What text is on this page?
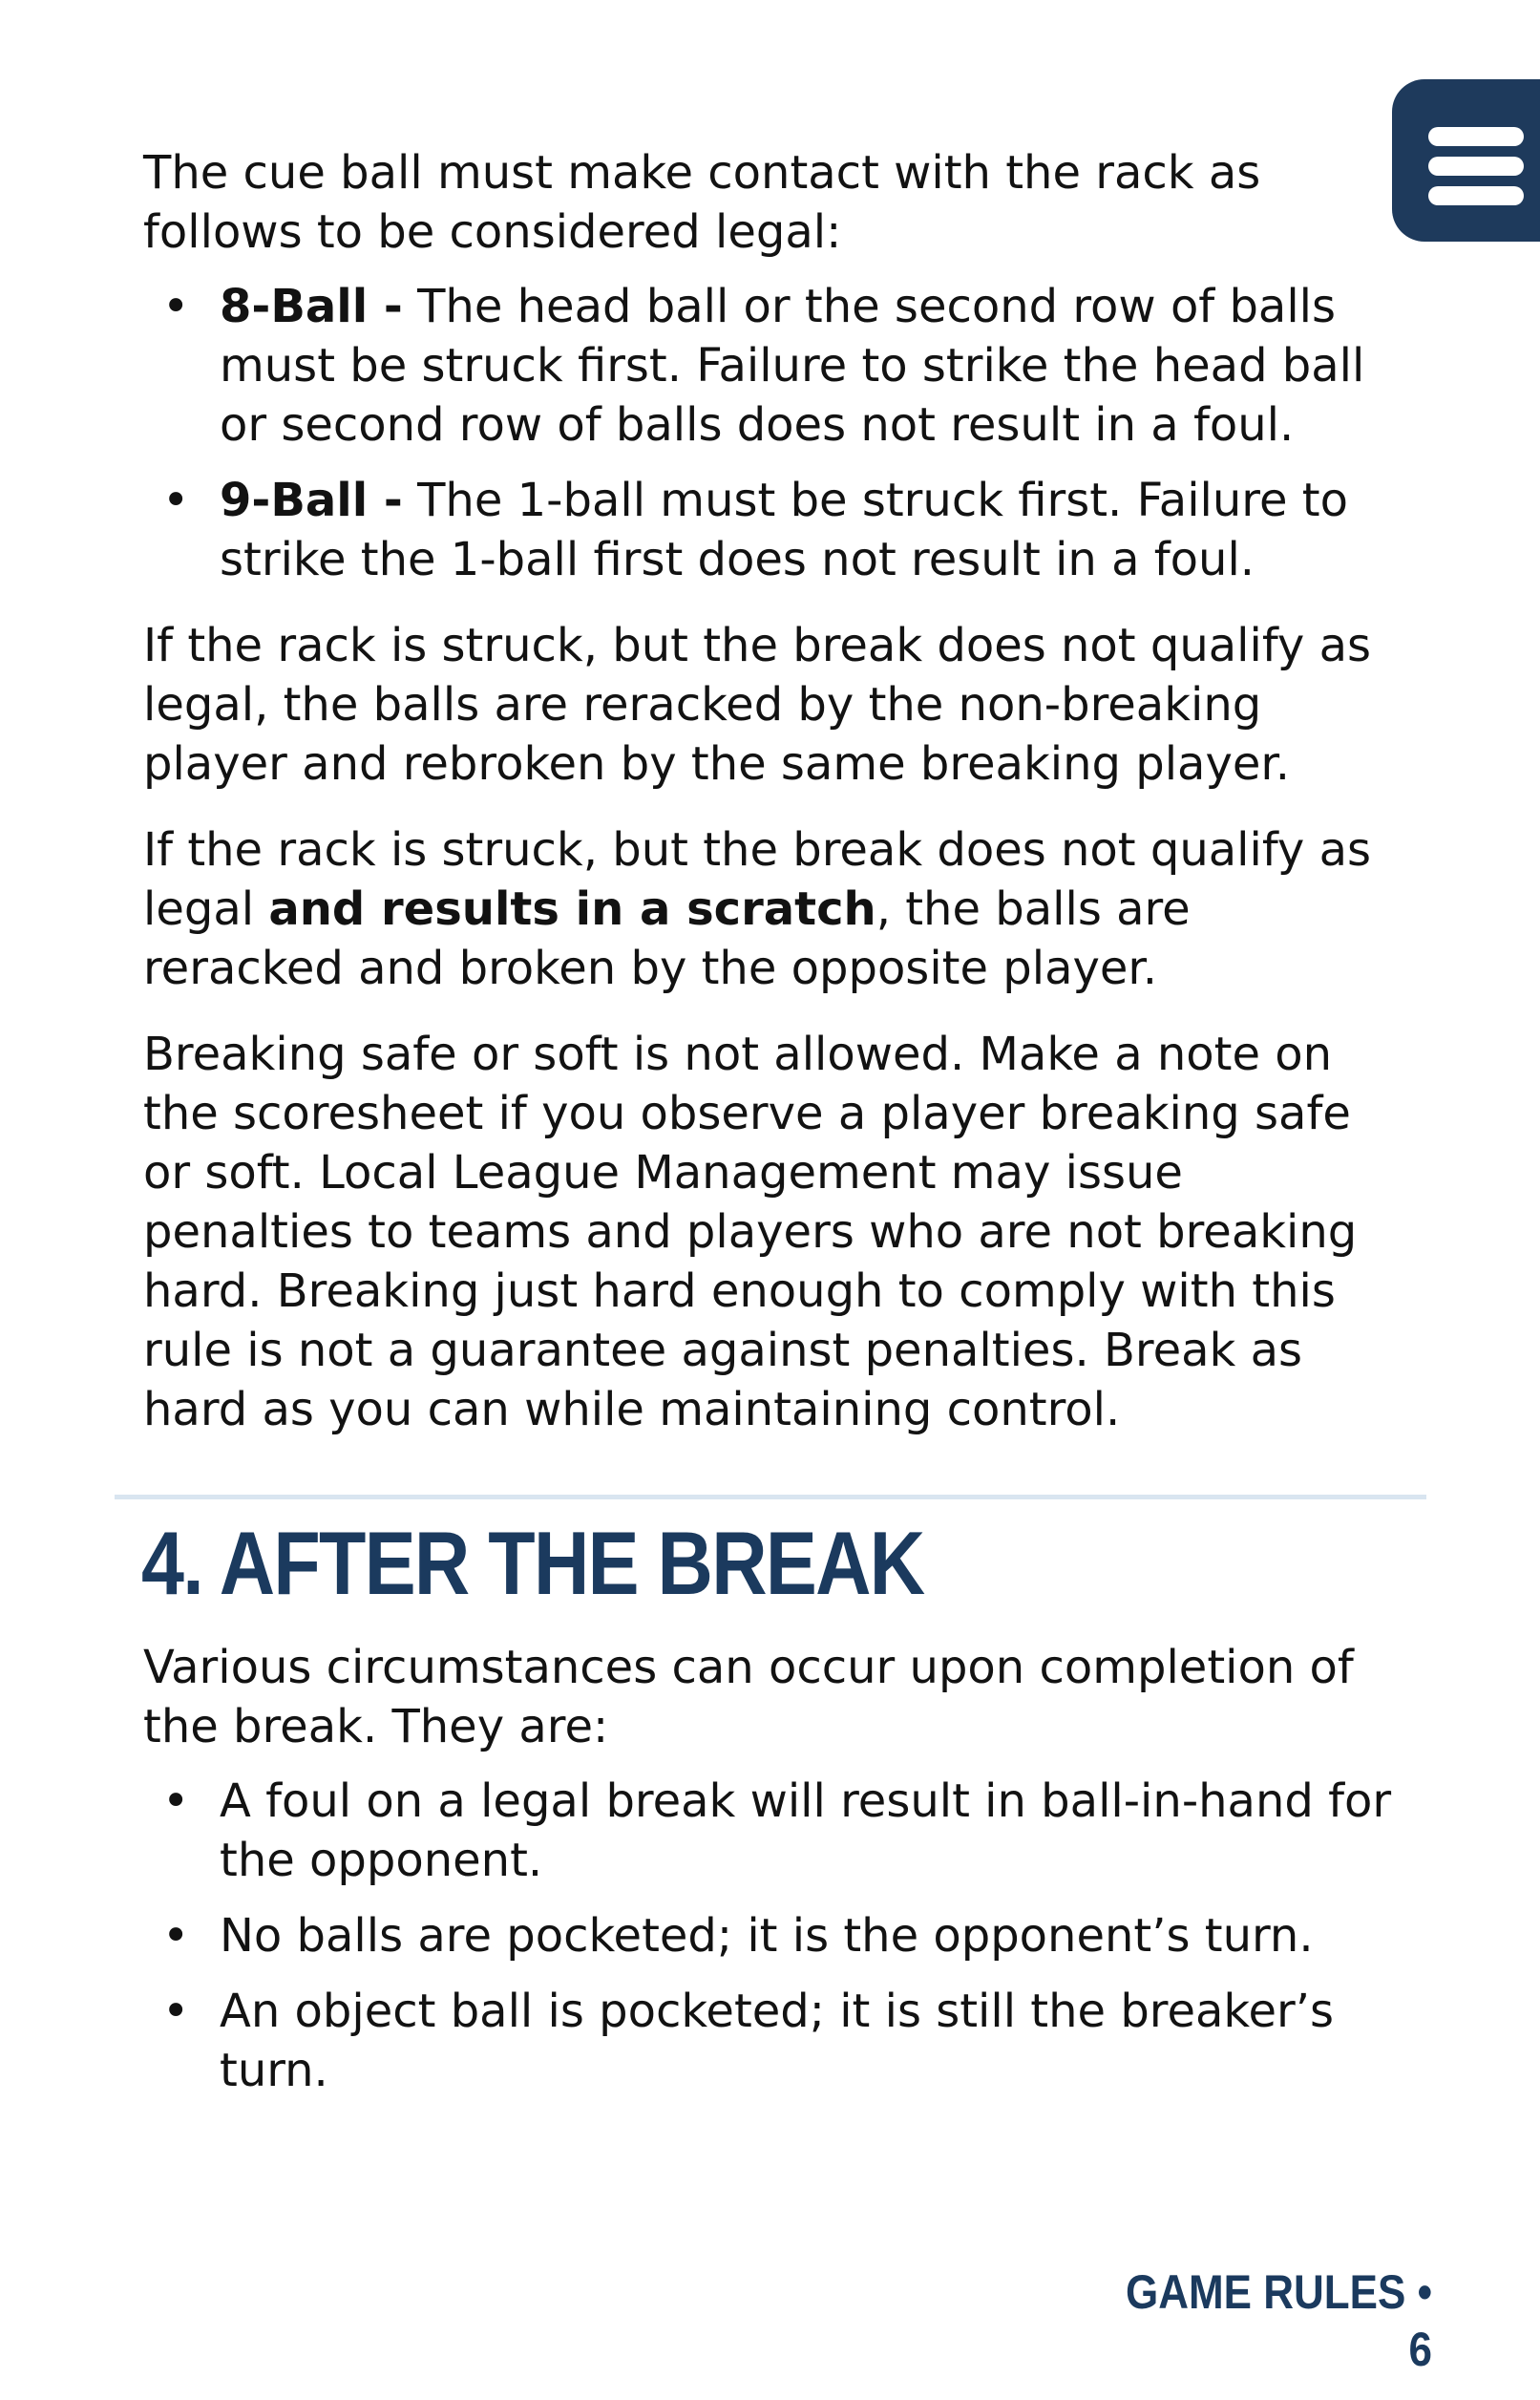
The cue ball must make contact with the rack as follows to be considered legal:

• 8-Ball - The head ball or the second row of balls must be struck first. Failure to strike the head ball or second row of balls does not result in a foul.
• 9-Ball - The 1-ball must be struck first. Failure to strike the 1-ball first does not result in a foul.

If the rack is struck, but the break does not qualify as legal, the balls are reracked by the non-breaking player and rebroken by the same breaking player.

If the rack is struck, but the break does not qualify as legal and results in a scratch, the balls are reracked and broken by the opposite player.

Breaking safe or soft is not allowed. Make a note on the scoresheet if you observe a player breaking safe or soft. Local League Management may issue penalties to teams and players who are not breaking hard. Breaking just hard enough to comply with this rule is not a guarantee against penalties. Break as hard as you can while maintaining control.

4. AFTER THE BREAK

Various circumstances can occur upon completion of the break. They are:

• A foul on a legal break will result in ball-in-hand for the opponent.
• No balls are pocketed; it is the opponent’s turn.
• An object ball is pocketed; it is still the breaker’s turn.
GAME RULES • 6
